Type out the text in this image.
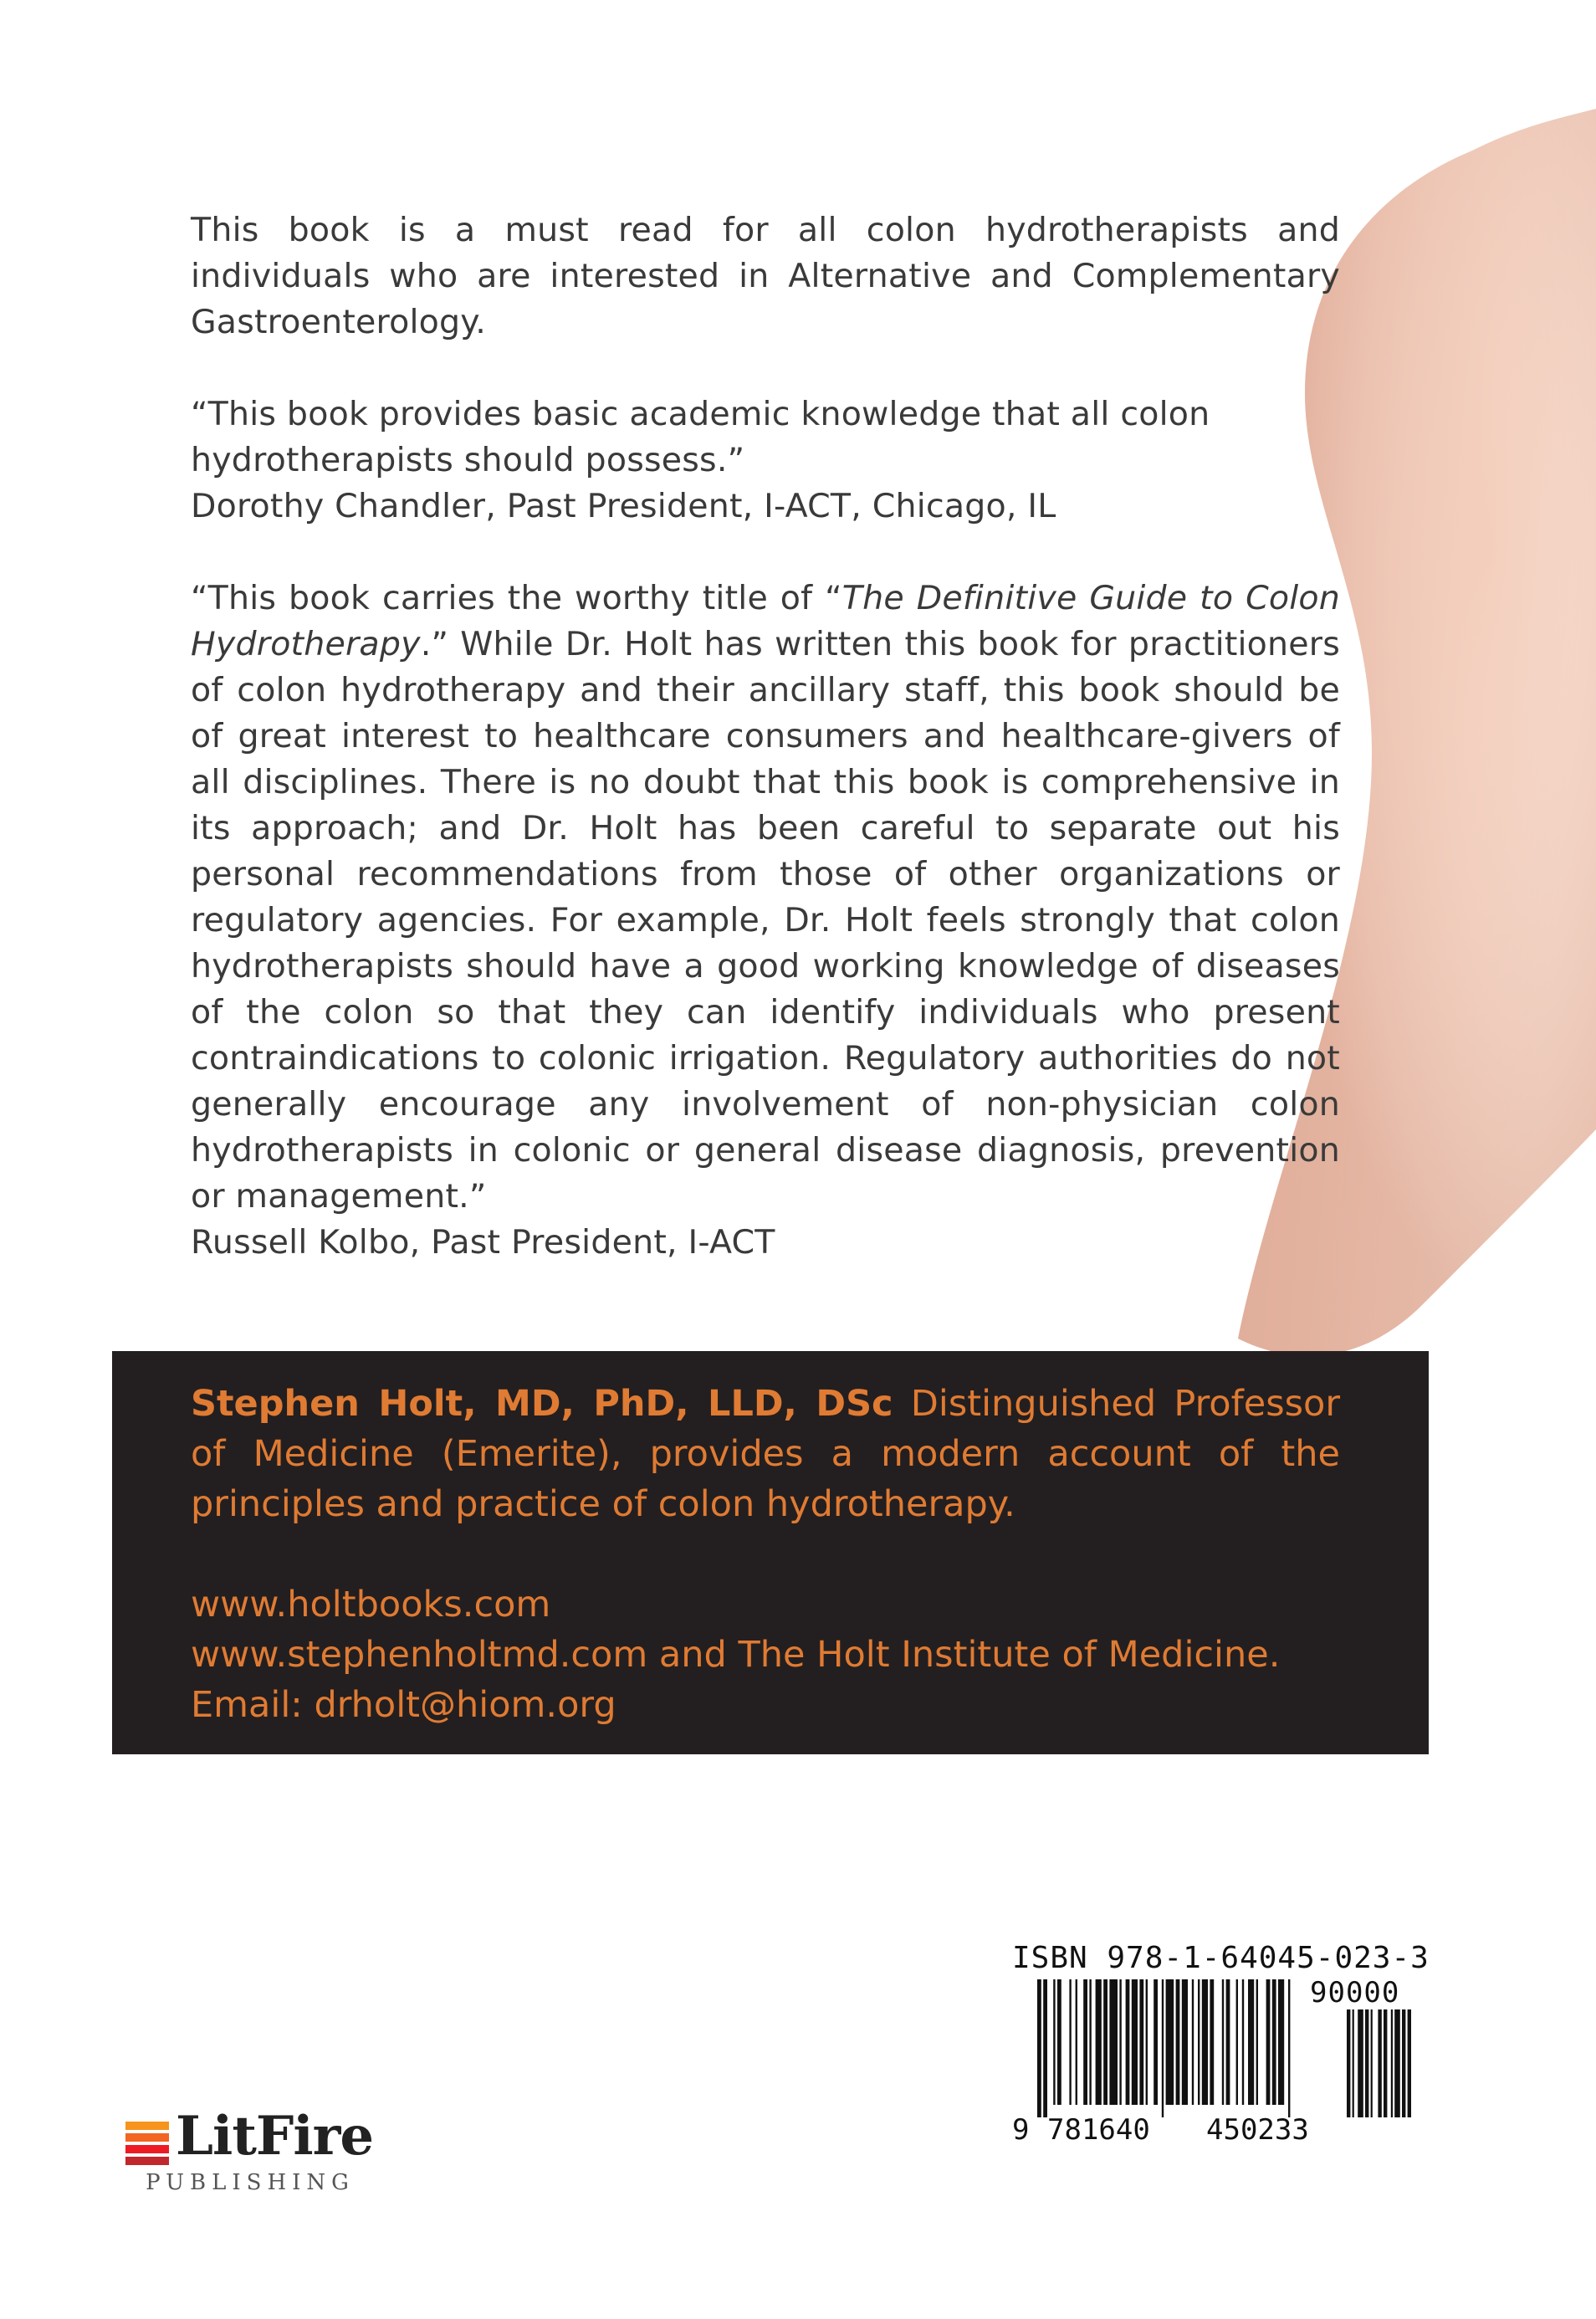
This book is a must read for all colon hydrotherapists and individuals who are interested in Alternative and Complementary Gastroenterology.

“This book provides basic academic knowledge that all colon hydrotherapists should possess.”

Dorothy Chandler, Past President, I-ACT, Chicago, IL

“This book carries the worthy title of “The Definitive Guide to Colon Hydrotherapy.” While Dr. Holt has written this book for practitioners of colon hydrotherapy and their ancillary staff, this book should be of great interest to healthcare consumers and healthcare-givers of all disciplines. There is no doubt that this book is comprehensive in its approach; and Dr. Holt has been careful to separate out his personal recommendations from those of other organizations or regulatory agencies. For example, Dr. Holt feels strongly that colon hydrotherapists should have a good working knowledge of diseases of the colon so that they can identify individuals who present contraindications to colonic irrigation. Regulatory authorities do not generally encourage any involvement of non-physician colon hydrotherapists in colonic or general disease diagnosis, prevention or management.”

Russell Kolbo, Past President, I-ACT

Stephen Holt, MD, PhD, LLD, DSc Distinguished Professor of Medicine (Emerite), provides a modern account of the principles and practice of colon hydrotherapy.

www.holtbooks.com
www.stephenholtmd.com and The Holt Institute of Medicine.
Email: drholt@hiom.org
ISBN 978-1-64045-023-3
90000
9 781640 450233
LitFire
PUBLISHING
